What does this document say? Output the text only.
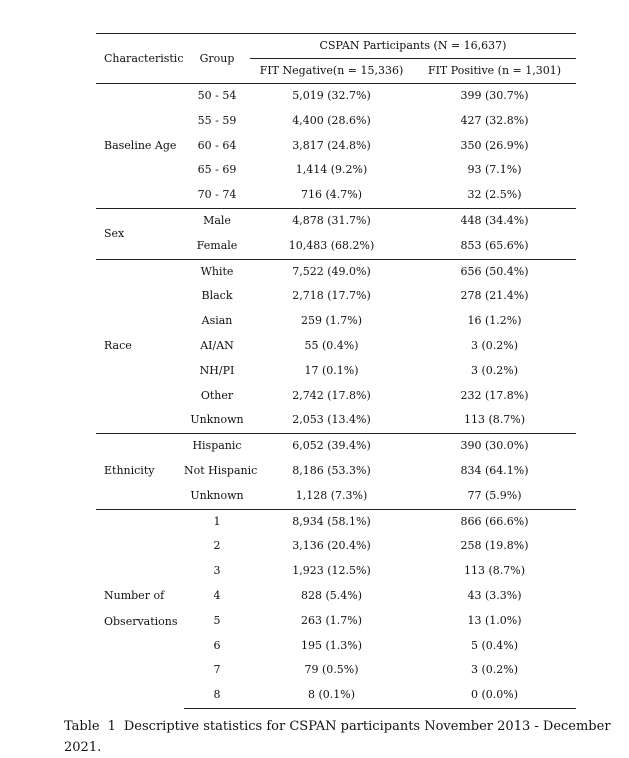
Characteristic	Group	CSPAN Participants (N = 16,637)	
		FIT Negative(n = 15,336)	FIT Positive (n = 1,301)
Baseline Age	50 - 54	5,019 (32.7%)	399 (30.7%)
	55 - 59	4,400 (28.6%)	427 (32.8%)
	60 - 64	3,817 (24.8%)	350 (26.9%)
	65 - 69	1,414 (9.2%)	93 (7.1%)
	70 - 74	716 (4.7%)	32 (2.5%)
Sex	Male	4,878 (31.7%)	448 (34.4%)
	Female	10,483 (68.2%)	853 (65.6%)
Race	White	7,522 (49.0%)	656 (50.4%)
	Black	2,718 (17.7%)	278 (21.4%)
	Asian	259 (1.7%)	16 (1.2%)
	AI/AN	55 (0.4%)	3 (0.2%)
	NH/PI	17 (0.1%)	3 (0.2%)
	Other	2,742 (17.8%)	232 (17.8%)
	Unknown	2,053 (13.4%)	113 (8.7%)
Ethnicity	Hispanic	6,052 (39.4%)	390 (30.0%)
	Not Hispanic	8,186 (53.3%)	834 (64.1%)
	Unknown	1,128 (7.3%)	77 (5.9%)
Number of Observations	1	8,934 (58.1%)	866 (66.6%)
	2	3,136 (20.4%)	258 (19.8%)
	3	1,923 (12.5%)	113 (8.7%)
	4	828 (5.4%)	43 (3.3%)
	5	263 (1.7%)	13 (1.0%)
	6	195 (1.3%)	5 (0.4%)
	7	79 (0.5%)	3 (0.2%)
	8	8 (0.1%)	0 (0.0%)
Table 1 Descriptive statistics for CSPAN participants November 2013 - December 2021.
